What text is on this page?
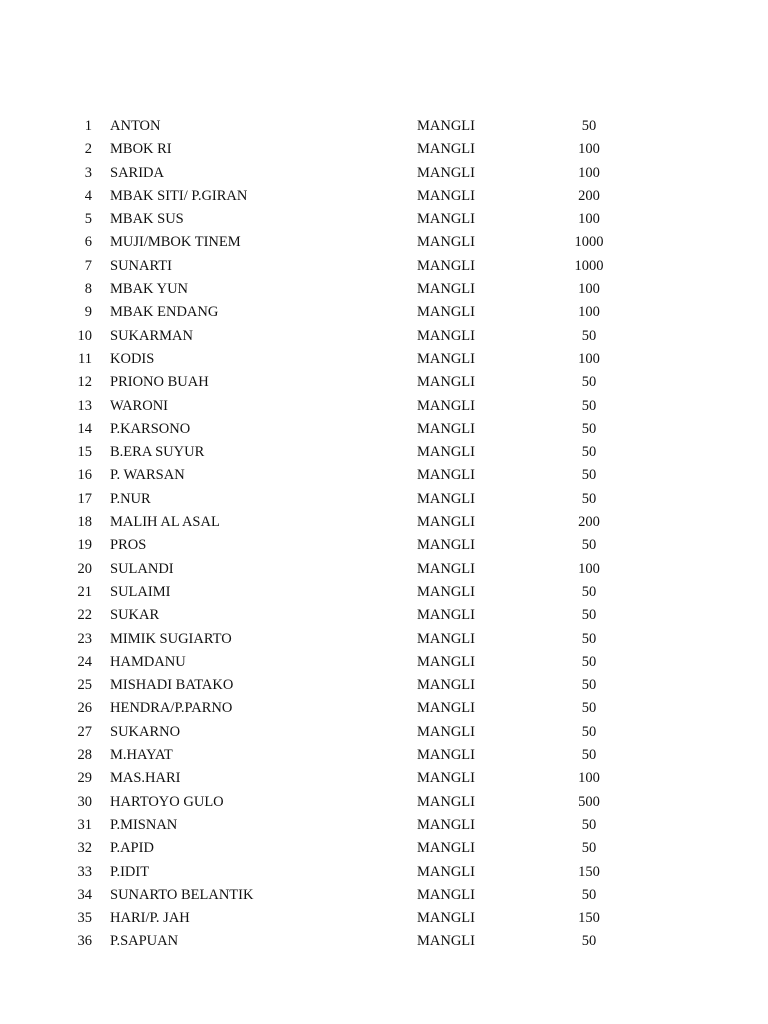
1 ANTON	MANGLI	50
2 MBOK RI	MANGLI	100
3 SARIDA	MANGLI	100
4 MBAK SITI/ P.GIRAN	MANGLI	200
5 MBAK SUS	MANGLI	100
6 MUJI/MBOK TINEM	MANGLI	1000
7 SUNARTI	MANGLI	1000
8 MBAK YUN	MANGLI	100
9 MBAK ENDANG	MANGLI	100
10 SUKARMAN	MANGLI	50
11 KODIS	MANGLI	100
12 PRIONO BUAH	MANGLI	50
13 WARONI	MANGLI	50
14 P.KARSONO	MANGLI	50
15 B.ERA SUYUR	MANGLI	50
16 P. WARSAN	MANGLI	50
17 P.NUR	MANGLI	50
18 MALIH AL ASAL	MANGLI	200
19 PROS	MANGLI	50
20 SULANDI	MANGLI	100
21 SULAIMI	MANGLI	50
22 SUKAR	MANGLI	50
23 MIMIK SUGIARTO	MANGLI	50
24 HAMDANU	MANGLI	50
25 MISHADI BATAKO	MANGLI	50
26 HENDRA/P.PARNO	MANGLI	50
27 SUKARNO	MANGLI	50
28 M.HAYAT	MANGLI	50
29 MAS.HARI	MANGLI	100
30 HARTOYO GULO	MANGLI	500
31 P.MISNAN	MANGLI	50
32 P.APID	MANGLI	50
33 P.IDIT	MANGLI	150
34 SUNARTO BELANTIK	MANGLI	50
35 HARI/P. JAH	MANGLI	150
36 P.SAPUAN	MANGLI	50
